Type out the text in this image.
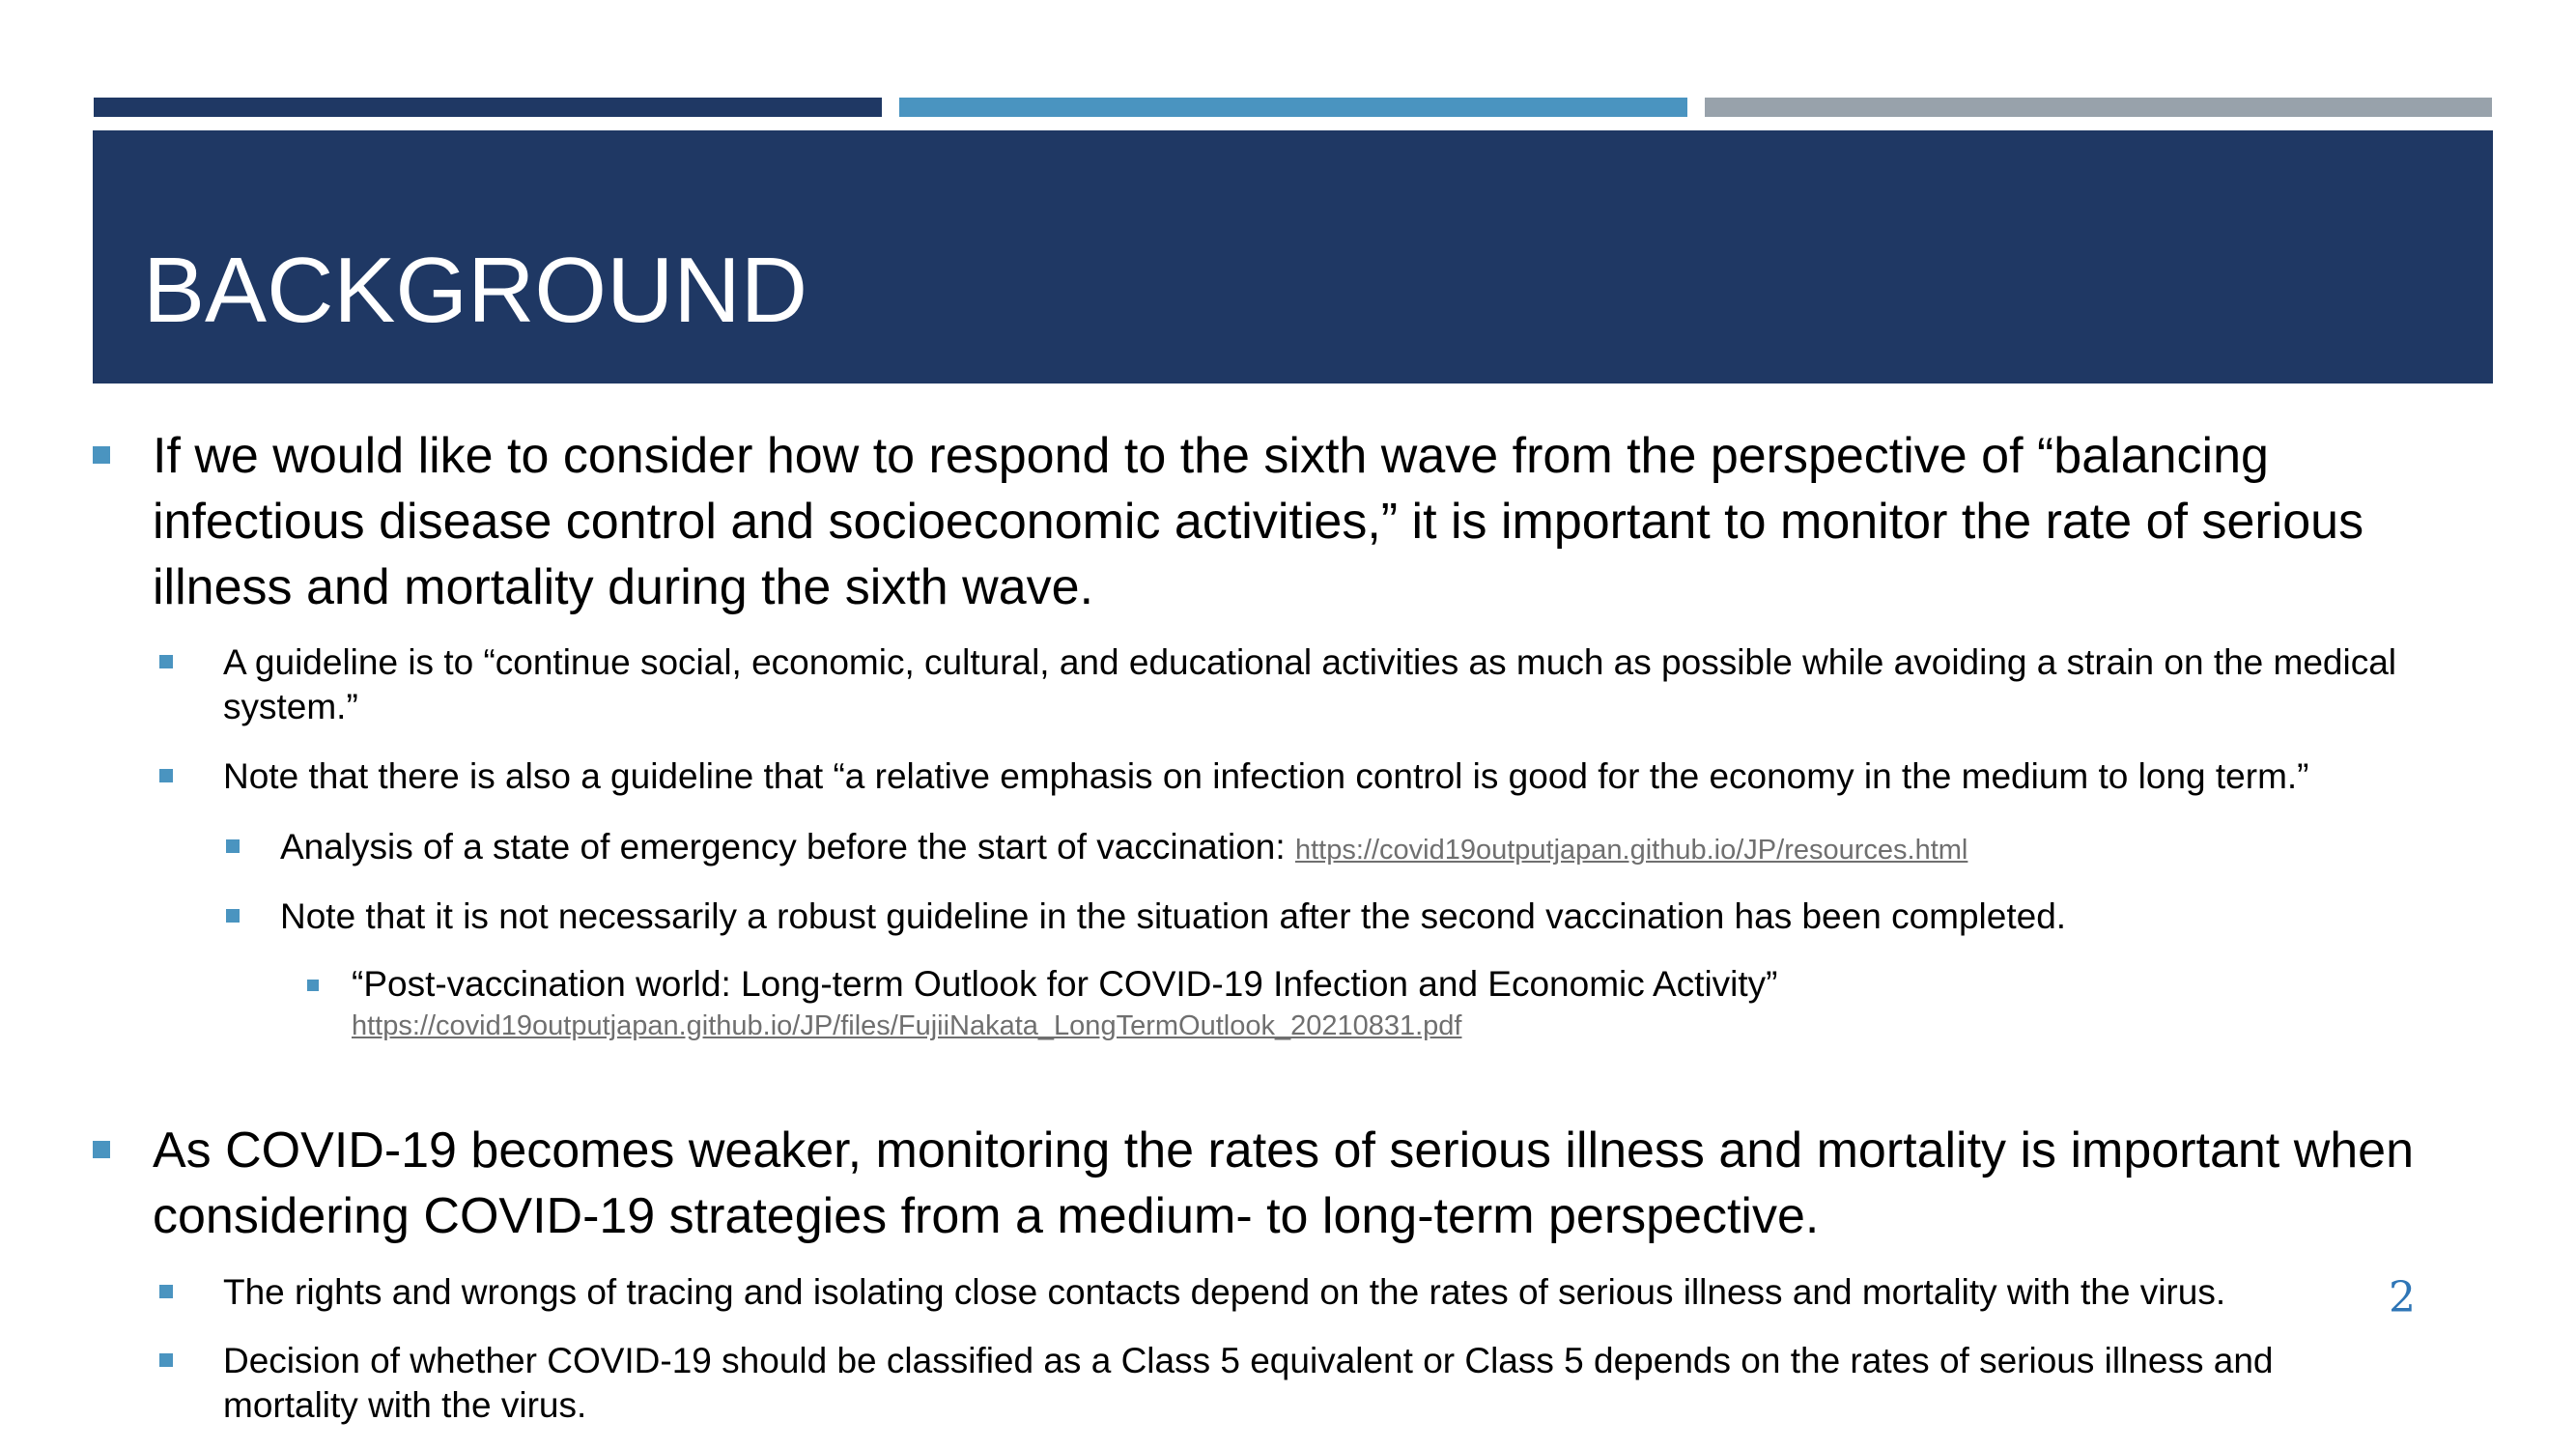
BACKGROUND
If we would like to consider how to respond to the sixth wave from the perspective of “balancing infectious disease control and socioeconomic activities,” it is important to monitor the rate of serious illness and mortality during the sixth wave.
A guideline is to “continue social, economic, cultural, and educational activities as much as possible while avoiding a strain on the medical system.”
Note that there is also a guideline that “a relative emphasis on infection control is good for the economy in the medium to long term.”
Analysis of a state of emergency before the start of vaccination: https://covid19outputjapan.github.io/JP/resources.html
Note that it is not necessarily a robust guideline in the situation after the second vaccination has been completed.
“Post-vaccination world: Long-term Outlook for COVID-19 Infection and Economic Activity”
https://covid19outputjapan.github.io/JP/files/FujiiNakata_LongTermOutlook_20210831.pdf
As COVID-19 becomes weaker, monitoring the rates of serious illness and mortality is important when considering COVID-19 strategies from a medium- to long-term perspective.
The rights and wrongs of tracing and isolating close contacts depend on the rates of serious illness and mortality with the virus.
Decision of whether COVID-19 should be classified as a Class 5 equivalent or Class 5 depends on the rates of serious illness and mortality with the virus.
2
